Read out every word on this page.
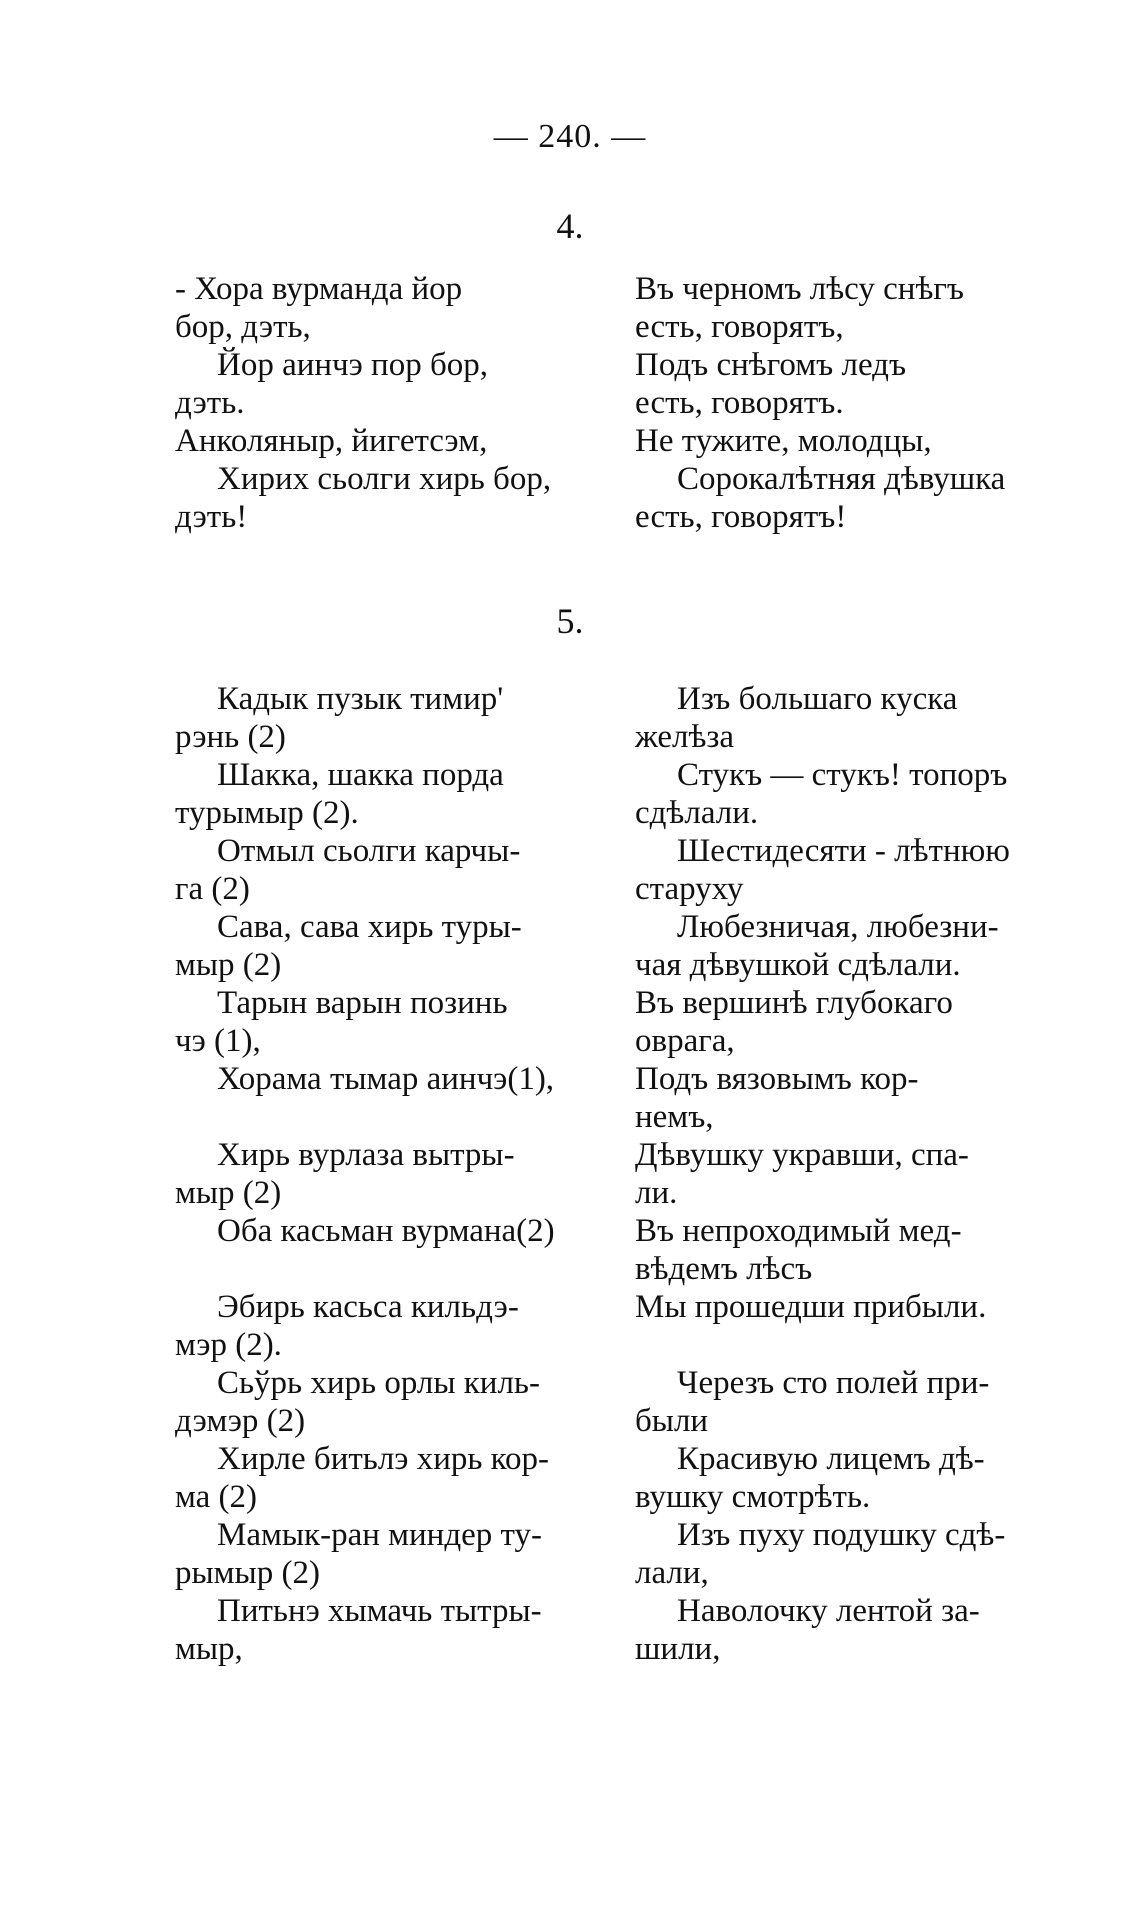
— 240. —
4.
- Хора вурманда йор
бор, дэть,
Йор аинчэ пор бор,
дэть.
Анколяныр, йигетсэм,
Хирих сьолги хирь бор,
дэть!
Въ черномъ лѣсу снѣгъ
есть, говорятъ,
Подъ снѣгомъ ледъ
есть, говорятъ.
Не тужите, молодцы,
Сорокалѣтняя дѣвушка
есть, говорятъ!
5.
Кадык пузык тимир'
рэнь (2)
Шакка, шакка порда
турымыр (2).
Отмыл сьолги карчы-
га (2)
Сава, сава хирь туры-
мыр (2)
Тарын варын позинь
чэ (1),
Хорама тымар аинчэ(1),

Хирь вурлаза вытры-
мыр (2)
Оба касьман вурмана(2)

Эбирь касьса кильдэ-
мэр (2).
Сьўрь хирь орлы киль-
дэмэр (2)
Хирле битьлэ хирь кор-
ма (2)
Мамык-ран миндер ту-
рымыр (2)
Питьнэ хымачь тытры-
мыр,
Изъ большаго куска
желѣза
Стукъ — стукъ! топоръ
сдѣлали.
Шестидесяти - лѣтнюю
старуху
Любезничая, любезни-
чая дѣвушкой сдѣлали.
Въ вершинѣ глубокаго
оврага,
Подъ вязовымъ кор-
немъ,
Дѣвушку укравши, спа-
ли.
Въ непроходимый мед-
вѣдемъ лѣсъ
Мы прошедши прибыли.

Черезъ сто полей при-
были
Красивую лицемъ дѣ-
вушку смотрѣть.
Изъ пуху подушку сдѣ-
лали,
Наволочку лентой за-
шили,
